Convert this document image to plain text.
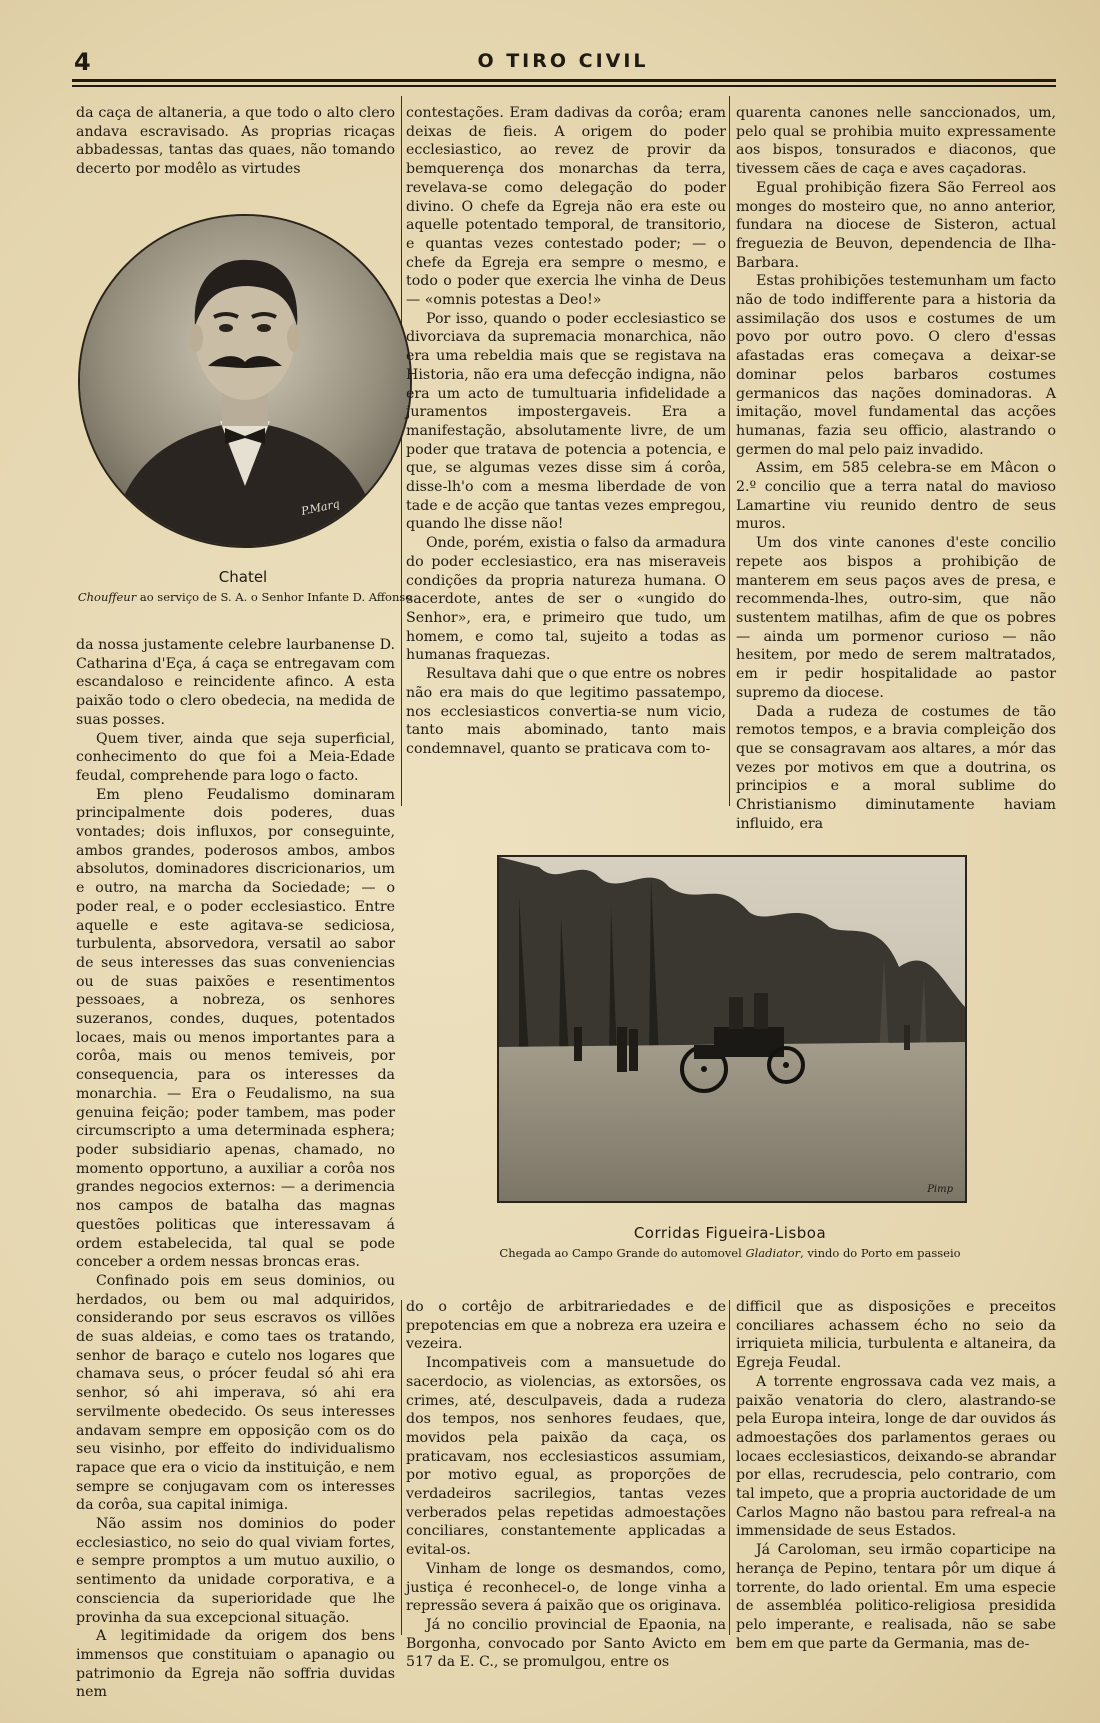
4	O TIRO CIVIL

da caça de altaneria, a que todo o alto clero andava escravisado. As proprias ricaças abbadessas, tantas das quaes, não tomando decerto por modêlo as virtudes

P.Marq
Chatel
Chouffeur ao serviço de S. A. o Senhor Infante D. Affonso

da nossa justamente celebre laurbanense D. Catharina d'Eça, á caça se entregavam com escandaloso e reincidente afinco. A esta paixão todo o clero obedecia, na medida de suas posses.

Quem tiver, ainda que seja superficial, conhecimento do que foi a Meia-Edade feudal, comprehende para logo o facto.

Em pleno Feudalismo dominaram principalmente dois poderes, duas vontades; dois influxos, por conseguinte, ambos grandes, poderosos ambos, ambos absolutos, dominadores discricionarios, um e outro, na marcha da Sociedade; — o poder real, e o poder ecclesiastico. Entre aquelle e este agitava-se sediciosa, turbulenta, absorvedora, versatil ao sabor de seus interesses das suas conveniencias ou de suas paixões e resentimentos pessoaes, a nobreza, os senhores suzeranos, condes, duques, potentados locaes, mais ou menos importantes para a corôa, mais ou menos temiveis, por consequencia, para os interesses da monarchia. — Era o Feudalismo, na sua genuina feição; poder tambem, mas poder circumscripto a uma determinada esphera; poder subsidiario apenas, chamado, no momento opportuno, a auxiliar a corôa nos grandes negocios externos: — a derimencia nos campos de batalha das magnas questões politicas que interessavam á ordem estabelecida, tal qual se pode conceber a ordem nessas broncas eras.

Confinado pois em seus dominios, ou herdados, ou bem ou mal adquiridos, considerando por seus escravos os villões de suas aldeias, e como taes os tratando, senhor de baraço e cutelo nos logares que chamava seus, o prócer feudal só ahi era senhor, só ahi imperava, só ahi era servilmente obedecido. Os seus interesses andavam sempre em opposição com os do seu visinho, por effeito do individualismo rapace que era o vicio da instituição, e nem sempre se conjugavam com os interesses da corôa, sua capital inimiga.

Não assim nos dominios do poder ecclesiastico, no seio do qual viviam fortes, e sempre promptos a um mutuo auxilio, o sentimento da unidade corporativa, e a consciencia da superioridade que lhe provinha da sua excepcional situação.

A legitimidade da origem dos bens immensos que constituiam o apanagio ou patrimonio da Egreja não soffria duvidas nem

contestações. Eram dadivas da corôa; eram deixas de fieis. A origem do poder ecclesiastico, ao revez de provir da bemquerença dos monarchas da terra, revelava-se como delegação do poder divino. O chefe da Egreja não era este ou aquelle potentado temporal, de transitorio, e quantas vezes contestado poder; — o chefe da Egreja era sempre o mesmo, e todo o poder que exercia lhe vinha de Deus — «omnis potestas a Deo!»

Por isso, quando o poder ecclesiastico se divorciava da supremacia monarchica, não era uma rebeldia mais que se registava na Historia, não era uma defecção indigna, não era um acto de tumultuaria infidelidade a juramentos impostergaveis. Era a manifestação, absolutamente livre, de um poder que tratava de potencia a potencia, e que, se algumas vezes disse sim á corôa, disse-lh'o com a mesma liberdade de von tade e de acção que tantas vezes empregou, quando lhe disse não!

Onde, porém, existia o falso da armadura do poder ecclesiastico, era nas miseraveis condições da propria natureza humana. O sacerdote, antes de ser o «ungido do Senhor», era, e primeiro que tudo, um homem, e como tal, sujeito a todas as humanas fraquezas.

Resultava dahi que o que entre os nobres não era mais do que legitimo passatempo, nos ecclesiasticos convertia-se num vicio, tanto mais abominado, tanto mais condemnavel, quanto se praticava com to-

quarenta canones nelle sanccionados, um, pelo qual se prohibia muito expressamente aos bispos, tonsurados e diaconos, que tivessem cães de caça e aves caçadoras.

Egual prohibição fizera São Ferreol aos monges do mosteiro que, no anno anterior, fundara na diocese de Sisteron, actual freguezia de Beuvon, dependencia de Ilha-Barbara.

Estas prohibições testemunham um facto não de todo indifferente para a historia da assimilação dos usos e costumes de um povo por outro povo. O clero d'essas afastadas eras começava a deixar-se dominar pelos barbaros costumes germanicos das nações dominadoras. A imitação, movel fundamental das acções humanas, fazia seu officio, alastrando o germen do mal pelo paiz invadido.

Assim, em 585 celebra-se em Mâcon o 2.º concilio que a terra natal do mavioso Lamartine viu reunido dentro de seus muros.

Um dos vinte canones d'este concilio repete aos bispos a prohibição de manterem em seus paços aves de presa, e recommenda-lhes, outro-sim, que não sustentem matilhas, afim de que os pobres — ainda um pormenor curioso — não hesitem, por medo de serem maltratados, em ir pedir hospitalidade ao pastor supremo da diocese.

Dada a rudeza de costumes de tão remotos tempos, e a bravia compleição dos que se consagravam aos altares, a mór das vezes por motivos em que a doutrina, os principios e a moral sublime do Christianismo diminutamente haviam influido, era

Pimp
Corridas Figueira-Lisboa
Chegada ao Campo Grande do automovel Gladiator, vindo do Porto em passeio

do o cortêjo de arbitrariedades e de prepotencias em que a nobreza era uzeira e vezeira.

Incompativeis com a mansuetude do sacerdocio, as violencias, as extorsões, os crimes, até, desculpaveis, dada a rudeza dos tempos, nos senhores feudaes, que, movidos pela paixão da caça, os praticavam, nos ecclesiasticos assumiam, por motivo egual, as proporções de verdadeiros sacrilegios, tantas vezes verberados pelas repetidas admoestações conciliares, constantemente applicadas a evital-os.

Vinham de longe os desmandos, como, justiça é reconhecel-o, de longe vinha a repressão severa á paixão que os originava.

Já no concilio provincial de Epaonia, na Borgonha, convocado por Santo Avicto em 517 da E. C., se promulgou, entre os

difficil que as disposições e preceitos conciliares achassem écho no seio da irriquieta milicia, turbulenta e altaneira, da Egreja Feudal.

A torrente engrossava cada vez mais, a paixão venatoria do clero, alastrando-se pela Europa inteira, longe de dar ouvidos ás admoestações dos parlamentos geraes ou locaes ecclesiasticos, deixando-se abrandar por ellas, recrudescia, pelo contrario, com tal impeto, que a propria auctoridade de um Carlos Magno não bastou para refreal-a na immensidade de seus Estados.

Já Caroloman, seu irmão coparticipe na herança de Pepino, tentara pôr um dique á torrente, do lado oriental. Em uma especie de assembléa politico-religiosa presidida pelo imperante, e realisada, não se sabe bem em que parte da Germania, mas de-
